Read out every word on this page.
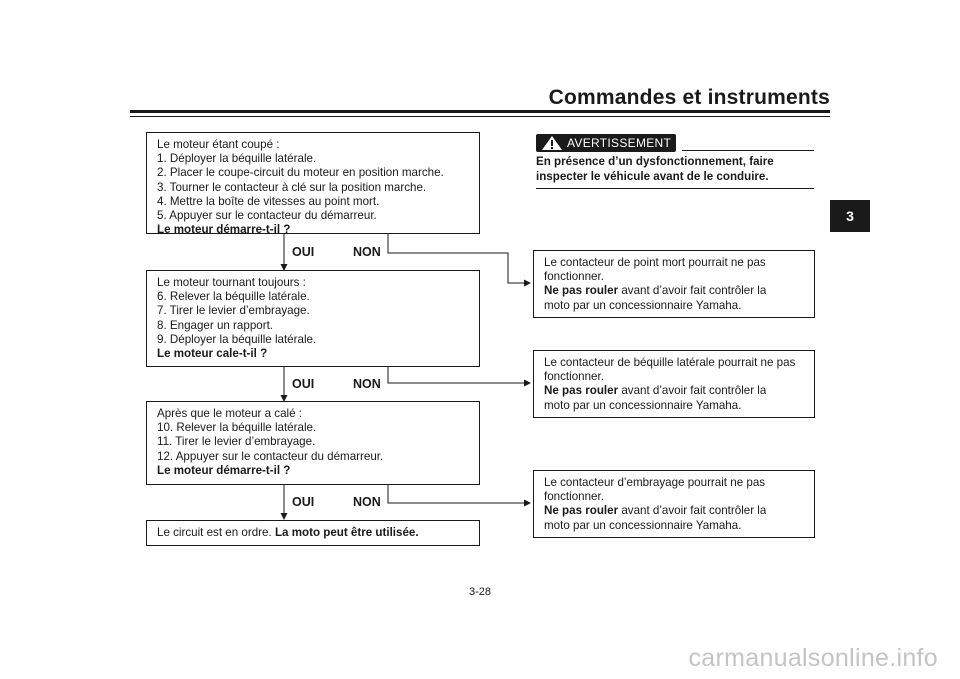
Commandes et instruments
3
Le moteur étant coupé :
1. Déployer la béquille latérale.
2. Placer le coupe-circuit du moteur en position marche.
3. Tourner le contacteur à clé sur la position marche.
4. Mettre la boîte de vitesses au point mort.
5. Appuyer sur le contacteur du démarreur.
Le moteur démarre-t-il ?
OUI	NON
Le moteur tournant toujours :
6. Relever la béquille latérale.
7. Tirer le levier d’embrayage.
8. Engager un rapport.
9. Déployer la béquille latérale.
Le moteur cale-t-il ?
OUI	NON
Après que le moteur a calé :
10. Relever la béquille latérale.
11. Tirer le levier d’embrayage.
12. Appuyer sur le contacteur du démarreur.
Le moteur démarre-t-il ?
OUI	NON
Le circuit est en ordre. La moto peut être utilisée.
AVERTISSEMENT
En présence d’un dysfonctionnement, faire
inspecter le véhicule avant de le conduire.
Le contacteur de point mort pourrait ne pas
fonctionner.
Ne pas rouler avant d’avoir fait contrôler la
moto par un concessionnaire Yamaha.
Le contacteur de béquille latérale pourrait ne pas
fonctionner.
Ne pas rouler avant d’avoir fait contrôler la
moto par un concessionnaire Yamaha.
Le contacteur d’embrayage pourrait ne pas
fonctionner.
Ne pas rouler avant d’avoir fait contrôler la
moto par un concessionnaire Yamaha.
3-28
carmanualsonline.info
